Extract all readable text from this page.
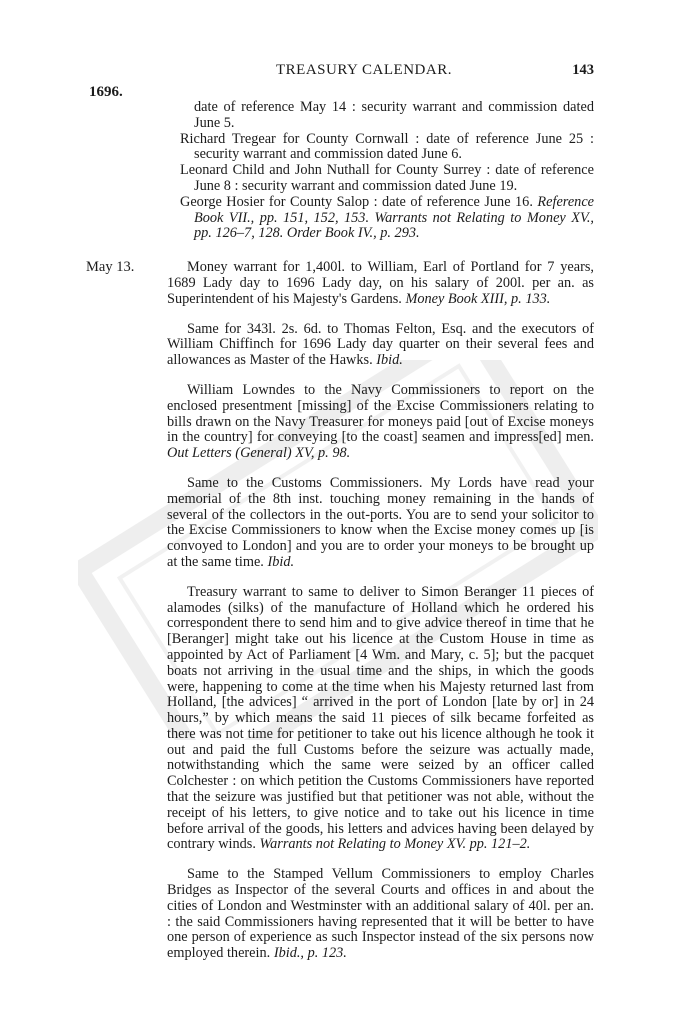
TREASURY CALENDAR.	143
1696.

date of reference May 14 : security warrant and commission dated June 5.

Richard Tregear for County Cornwall : date of reference June 25 : security warrant and commission dated June 6.

Leonard Child and John Nuthall for County Surrey : date of reference June 8 : security warrant and commission dated June 19.

George Hosier for County Salop : date of reference June 16. Reference Book VII., pp. 151, 152, 153. Warrants not Relating to Money XV., pp. 126–7, 128. Order Book IV., p. 293.

May 13.	Money warrant for 1,400l. to William, Earl of Portland for 7 years, 1689 Lady day to 1696 Lady day, on his salary of 200l. per an. as Superintendent of his Majesty's Gardens. Money Book XIII, p. 133.

Same for 343l. 2s. 6d. to Thomas Felton, Esq. and the executors of William Chiffinch for 1696 Lady day quarter on their several fees and allowances as Master of the Hawks. Ibid.

William Lowndes to the Navy Commissioners to report on the enclosed presentment [missing] of the Excise Commissioners relating to bills drawn on the Navy Treasurer for moneys paid [out of Excise moneys in the country] for conveying [to the coast] seamen and impress[ed] men. Out Letters (General) XV, p. 98.

Same to the Customs Commissioners. My Lords have read your memorial of the 8th inst. touching money remaining in the hands of several of the collectors in the out-ports. You are to send your solicitor to the Excise Commissioners to know when the Excise money comes up [is convoyed to London] and you are to order your moneys to be brought up at the same time. Ibid.

Treasury warrant to same to deliver to Simon Beranger 11 pieces of alamodes (silks) of the manufacture of Holland which he ordered his correspondent there to send him and to give advice thereof in time that he [Beranger] might take out his licence at the Custom House in time as appointed by Act of Parliament [4 Wm. and Mary, c. 5]; but the pacquet boats not arriving in the usual time and the ships, in which the goods were, happening to come at the time when his Majesty returned last from Holland, [the advices] “ arrived in the port of London [late by or] in 24 hours,” by which means the said 11 pieces of silk became forfeited as there was not time for petitioner to take out his licence although he took it out and paid the full Customs before the seizure was actually made, notwithstanding which the same were seized by an officer called Colchester : on which petition the Customs Commissioners have reported that the seizure was justified but that petitioner was not able, without the receipt of his letters, to give notice and to take out his licence in time before arrival of the goods, his letters and advices having been delayed by contrary winds. Warrants not Relating to Money XV. pp. 121–2.

Same to the Stamped Vellum Commissioners to employ Charles Bridges as Inspector of the several Courts and offices in and about the cities of London and Westminster with an additional salary of 40l. per an. : the said Commissioners having represented that it will be better to have one person of experience as such Inspector instead of the six persons now employed therein. Ibid., p. 123.
